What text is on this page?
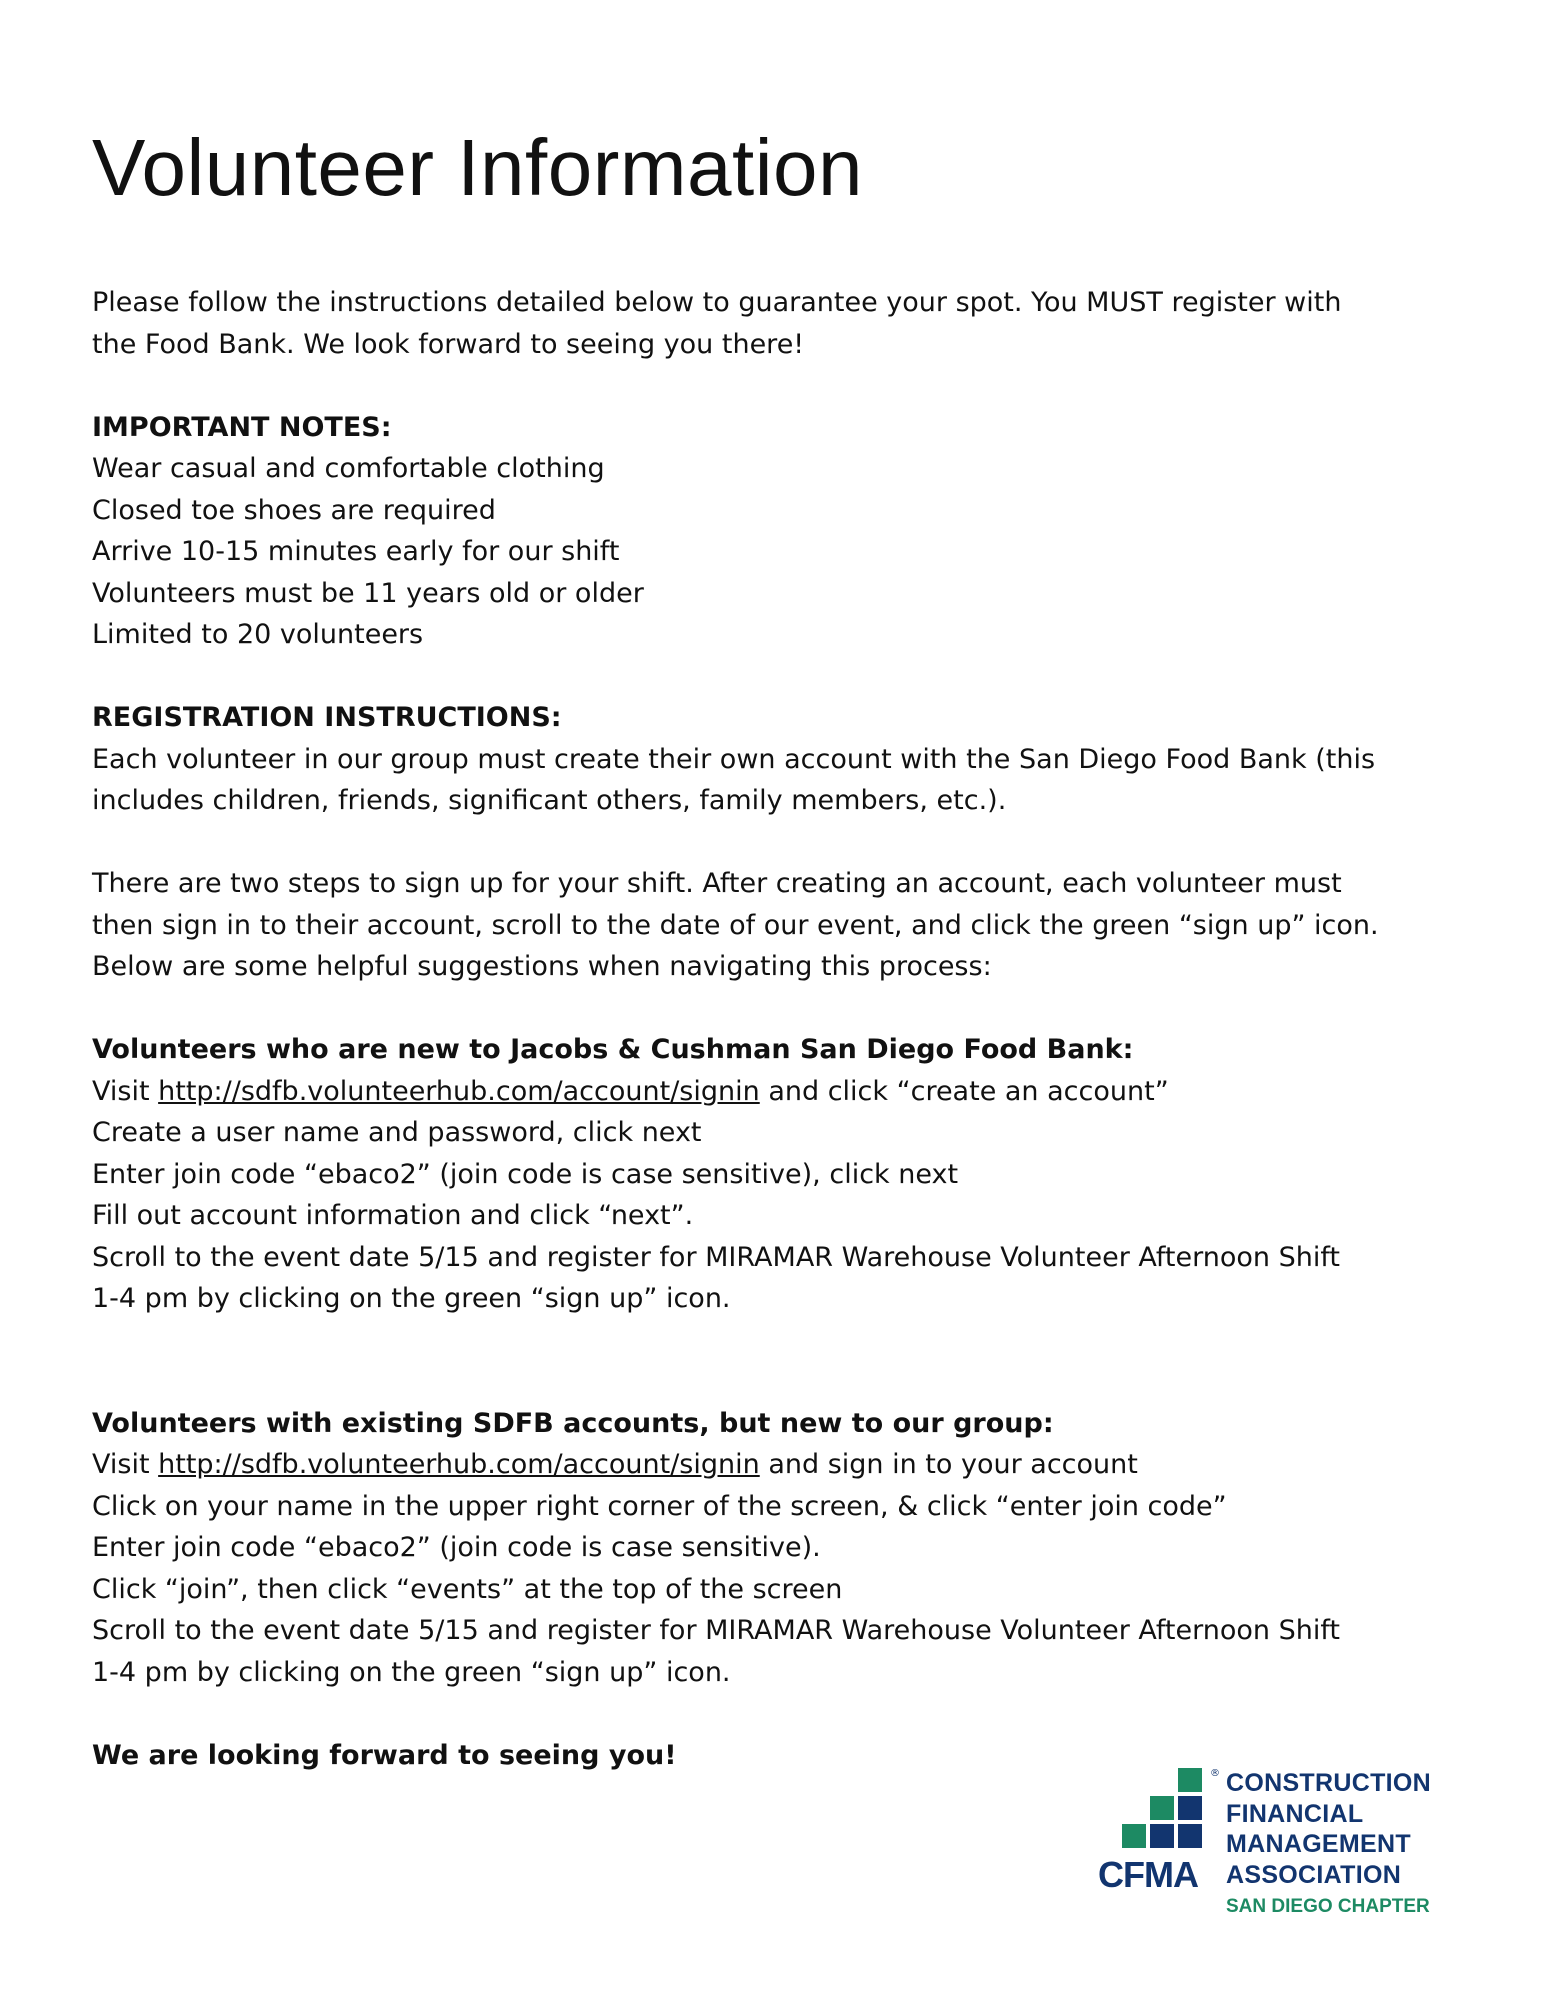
Volunteer Information
Please follow the instructions detailed below to guarantee your spot. You MUST register with
the Food Bank. We look forward to seeing you there!
IMPORTANT NOTES:
Wear casual and comfortable clothing
Closed toe shoes are required
Arrive 10-15 minutes early for our shift
Volunteers must be 11 years old or older
Limited to 20 volunteers
REGISTRATION INSTRUCTIONS:
Each volunteer in our group must create their own account with the San Diego Food Bank (this
includes children, friends, significant others, family members, etc.).
There are two steps to sign up for your shift. After creating an account, each volunteer must
then sign in to their account, scroll to the date of our event, and click the green “sign up” icon.
Below are some helpful suggestions when navigating this process:
Volunteers who are new to Jacobs & Cushman San Diego Food Bank:
Visit http://sdfb.volunteerhub.com/account/signin and click “create an account”
Create a user name and password, click next
Enter join code “ebaco2” (join code is case sensitive), click next
Fill out account information and click “next”.
Scroll to the event date 5/15 and register for MIRAMAR Warehouse Volunteer Afternoon Shift
1-4 pm by clicking on the green “sign up” icon.
Volunteers with existing SDFB accounts, but new to our group:
Visit http://sdfb.volunteerhub.com/account/signin and sign in to your account
Click on your name in the upper right corner of the screen, & click “enter join code”
Enter join code “ebaco2” (join code is case sensitive).
Click “join”, then click “events” at the top of the screen
Scroll to the event date 5/15 and register for MIRAMAR Warehouse Volunteer Afternoon Shift
1-4 pm by clicking on the green “sign up” icon.
We are looking forward to seeing you!
®
CFMA
CONSTRUCTION
FINANCIAL
MANAGEMENT
ASSOCIATION
SAN DIEGO CHAPTER
